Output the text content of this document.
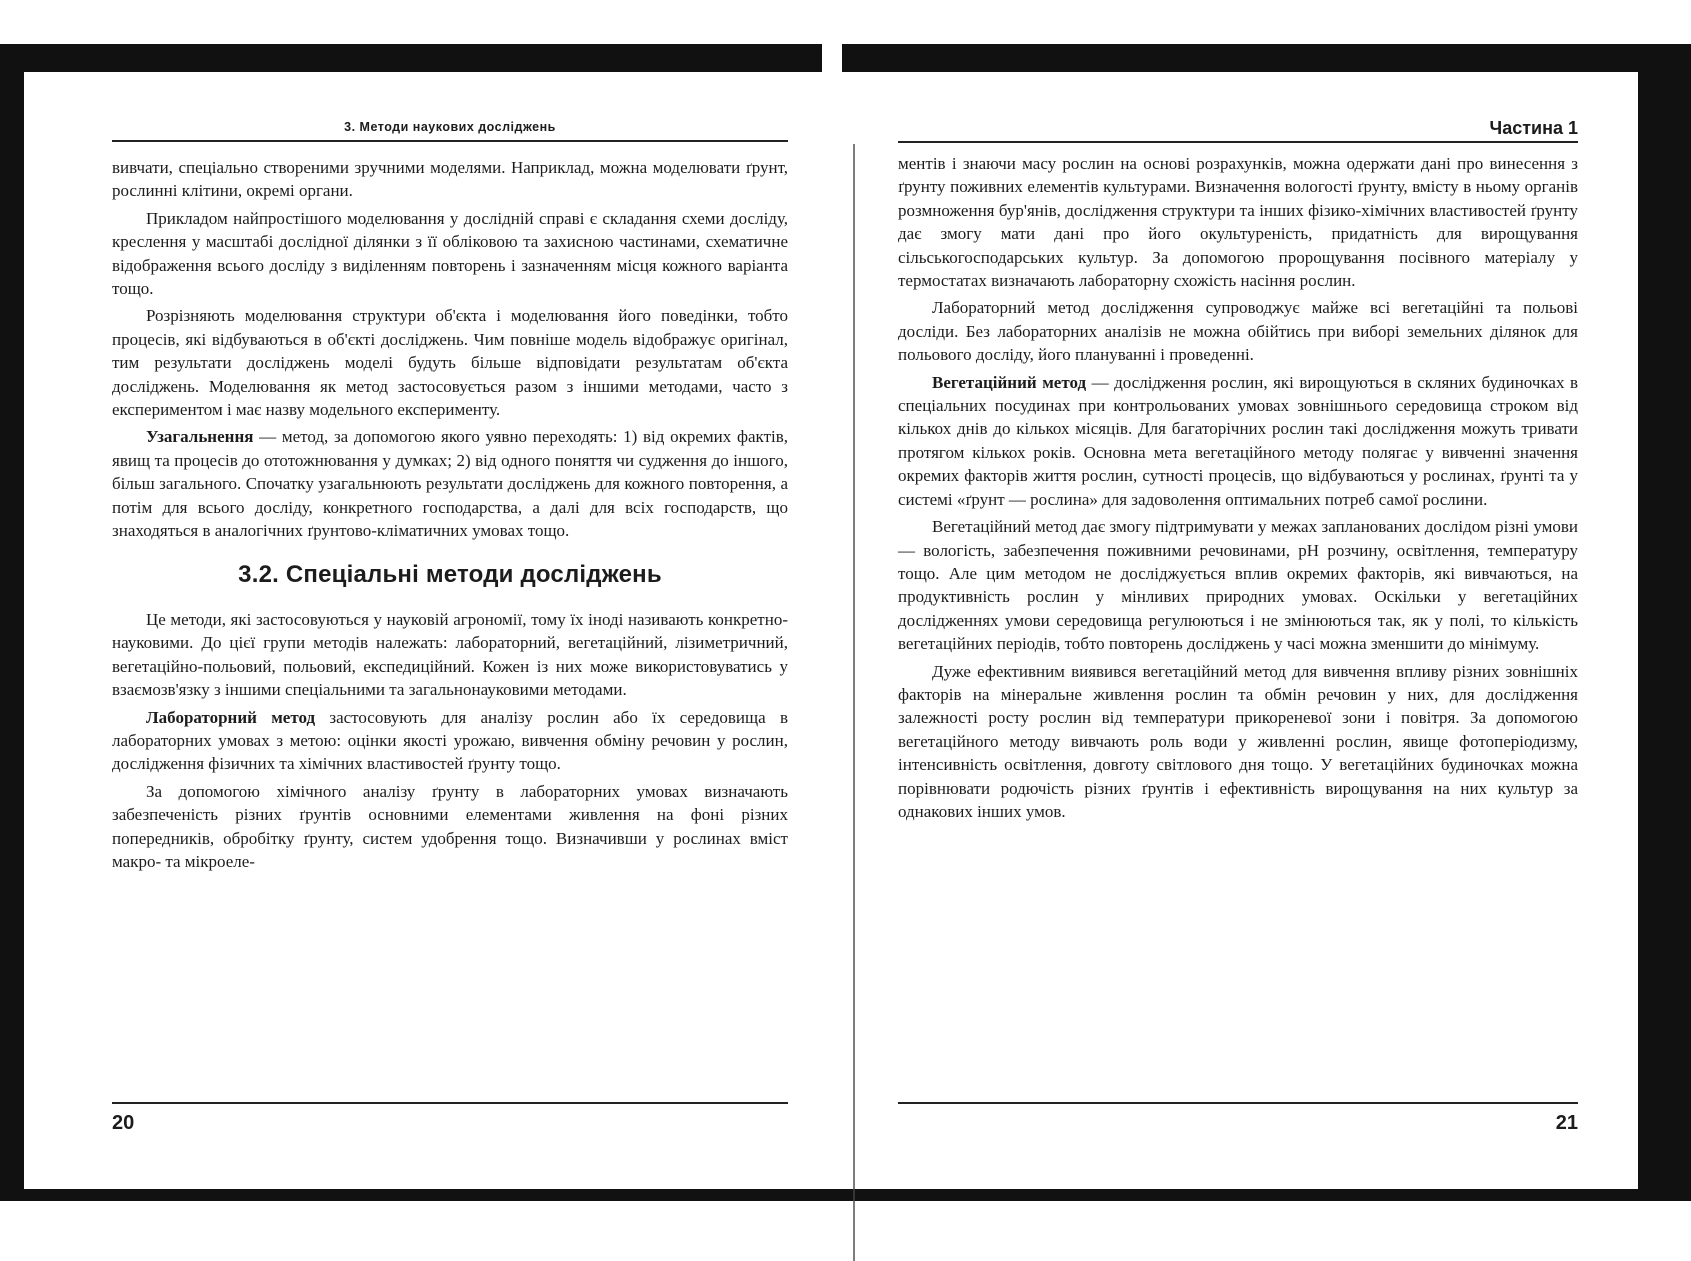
3. Методи наукових досліджень

вивчати, спеціально створеними зручними моделями. Наприклад, можна моделювати ґрунт, рослинні клітини, окремі органи.

Прикладом найпростішого моделювання у дослідній справі є складання схеми досліду, креслення у масштабі дослідної ділянки з її обліковою та захисною частинами, схематичне відображення всього досліду з виділенням повторень і зазначенням місця кожного варіанта тощо.

Розрізняють моделювання структури об'єкта і моделювання його поведінки, тобто процесів, які відбуваються в об'єкті досліджень. Чим повніше модель відображує оригінал, тим результати досліджень моделі будуть більше відповідати результатам об'єкта досліджень. Моделювання як метод застосовується разом з іншими методами, часто з експериментом і має назву модельного експерименту.

Узагальнення — метод, за допомогою якого уявно переходять: 1) від окремих фактів, явищ та процесів до ототожнювання у думках; 2) від одного поняття чи судження до іншого, більш загального. Спочатку узагальнюють результати досліджень для кожного повторення, а потім для всього досліду, конкретного господарства, а далі для всіх господарств, що знаходяться в аналогічних ґрунтово-кліматичних умовах тощо.

3.2. Спеціальні методи досліджень

Це методи, які застосовуються у науковій агрономії, тому їх іноді називають конкретно-науковими. До цієї групи методів належать: лабораторний, вегетаційний, лізиметричний, вегетаційно-польовий, польовий, експедиційний. Кожен із них може використовуватись у взаємозв'язку з іншими спеціальними та загальнонауковими методами.

Лабораторний метод застосовують для аналізу рослин або їх середовища в лабораторних умовах з метою: оцінки якості урожаю, вивчення обміну речовин у рослин, дослідження фізичних та хімічних властивостей ґрунту тощо.

За допомогою хімічного аналізу ґрунту в лабораторних умовах визначають забезпеченість різних ґрунтів основними елементами живлення на фоні різних попередників, обробітку ґрунту, систем удобрення тощо. Визначивши у рослинах вміст макро- та мікроеле-

20
Частина 1

ментів і знаючи масу рослин на основі розрахунків, можна одержати дані про винесення з ґрунту поживних елементів культурами. Визначення вологості ґрунту, вмісту в ньому органів розмноження бур'янів, дослідження структури та інших фізико-хімічних властивостей ґрунту дає змогу мати дані про його окультуреність, придатність для вирощування сільськогосподарських культур. За допомогою пророщування посівного матеріалу у термостатах визначають лабораторну схожість насіння рослин.

Лабораторний метод дослідження супроводжує майже всі вегетаційні та польові досліди. Без лабораторних аналізів не можна обійтись при виборі земельних ділянок для польового досліду, його плануванні і проведенні.

Вегетаційний метод — дослідження рослин, які вирощуються в скляних будиночках в спеціальних посудинах при контрольованих умовах зовнішнього середовища строком від кількох днів до кількох місяців. Для багаторічних рослин такі дослідження можуть тривати протягом кількох років. Основна мета вегетаційного методу полягає у вивченні значення окремих факторів життя рослин, сутності процесів, що відбуваються у рослинах, ґрунті та у системі «ґрунт — рослина» для задоволення оптимальних потреб самої рослини.

Вегетаційний метод дає змогу підтримувати у межах запланованих дослідом різні умови — вологість, забезпечення поживними речовинами, pH розчину, освітлення, температуру тощо. Але цим методом не досліджується вплив окремих факторів, які вивчаються, на продуктивність рослин у мінливих природних умовах. Оскільки у вегетаційних дослідженнях умови середовища регулюються і не змінюються так, як у полі, то кількість вегетаційних періодів, тобто повторень досліджень у часі можна зменшити до мінімуму.

Дуже ефективним виявився вегетаційний метод для вивчення впливу різних зовнішніх факторів на мінеральне живлення рослин та обмін речовин у них, для дослідження залежності росту рослин від температури прикореневої зони і повітря. За допомогою вегетаційного методу вивчають роль води у живленні рослин, явище фотоперіодизму, інтенсивність освітлення, довготу світлового дня тощо. У вегетаційних будиночках можна порівнювати родючість різних ґрунтів і ефективність вирощування на них культур за однакових інших умов.

21
